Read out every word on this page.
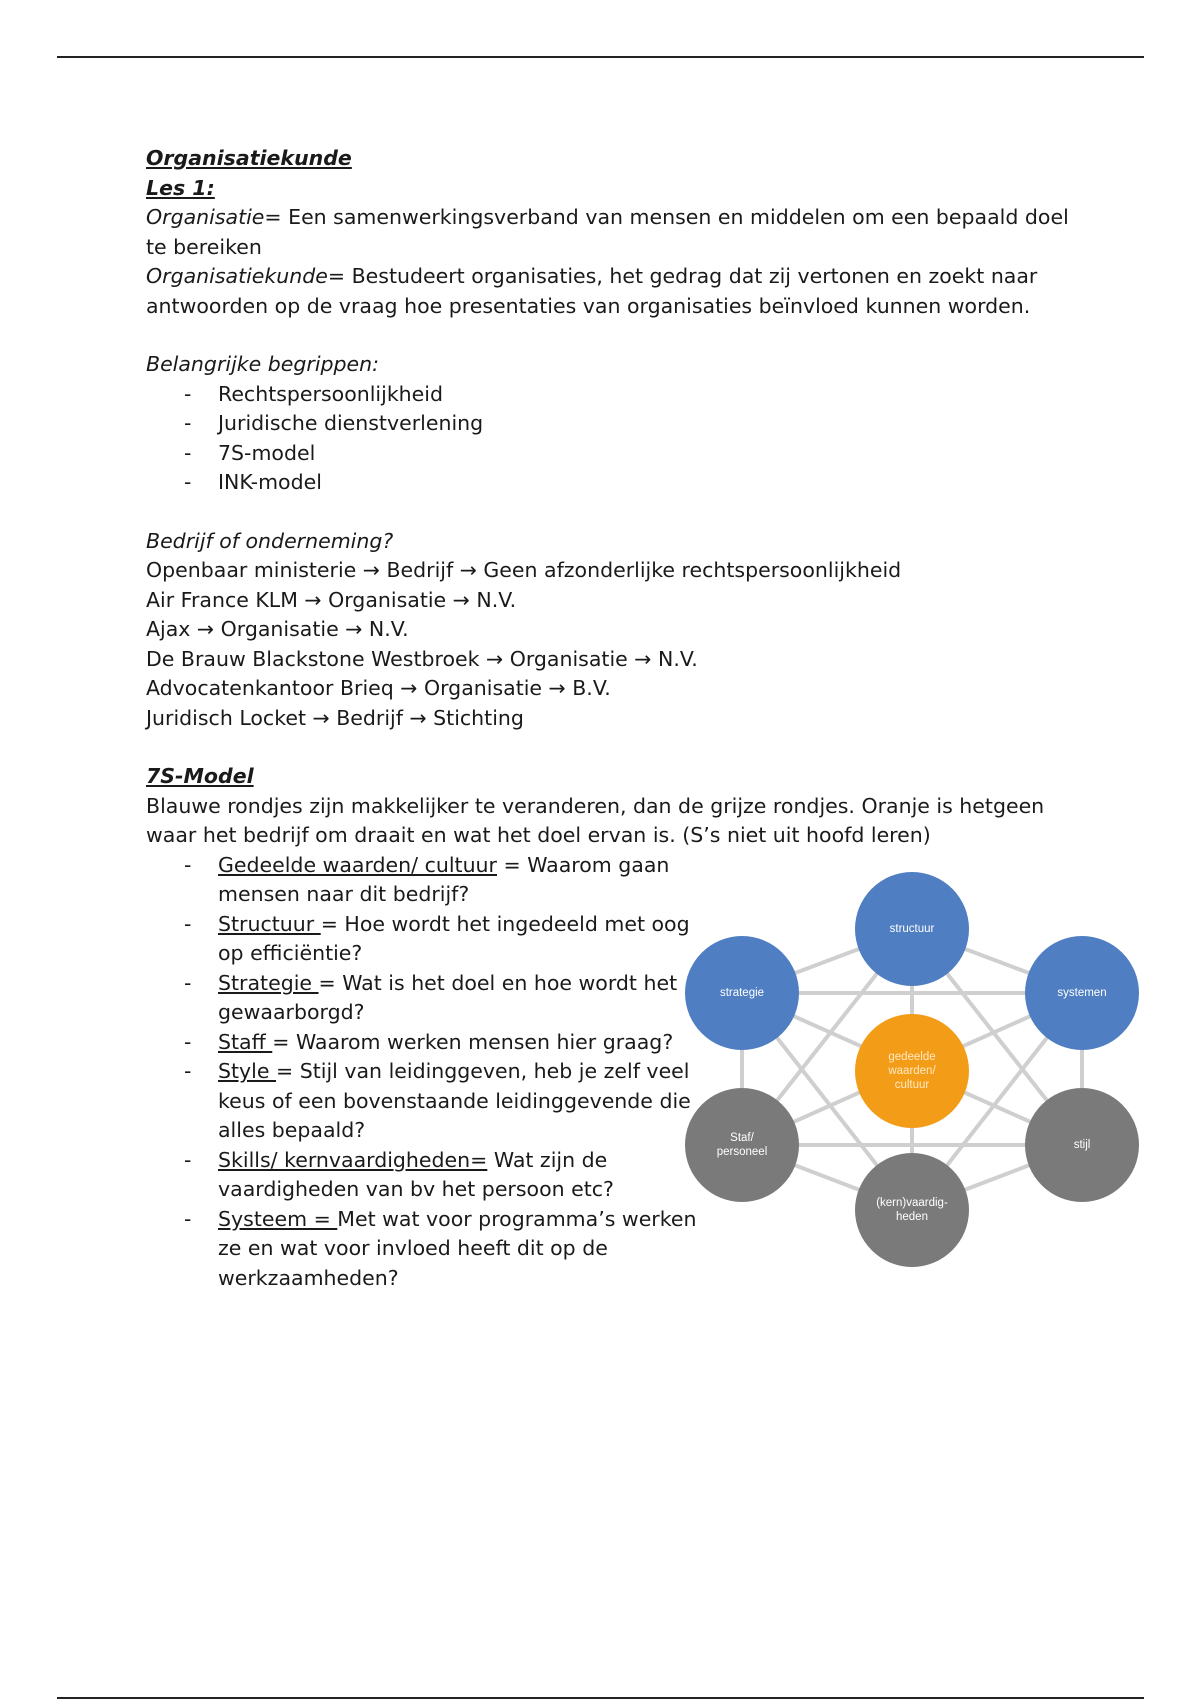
Organisatiekunde
Les 1:

Organisatie= Een samenwerkingsverband van mensen en middelen om een bepaald doel te bereiken

Organisatiekunde= Bestudeert organisaties, het gedrag dat zij vertonen en zoekt naar antwoorden op de vraag hoe presentaties van organisaties beïnvloed kunnen worden.

Belangrijke begrippen:
- Rechtspersoonlijkheid
- Juridische dienstverlening
- 7S-model
- INK-model
Bedrijf of onderneming?
Openbaar ministerie → Bedrijf → Geen afzonderlijke rechtspersoonlijkheid
Air France KLM → Organisatie → N.V.
Ajax → Organisatie → N.V.
De Brauw Blackstone Westbroek → Organisatie → N.V.
Advocatenkantoor Brieq → Organisatie → B.V.
Juridisch Locket → Bedrijf → Stichting
7S-Model

Blauwe rondjes zijn makkelijker te veranderen, dan de grijze rondjes. Oranje is hetgeen waar het bedrijf om draait en wat het doel ervan is. (S’s niet uit hoofd leren)

- Gedeelde waarden/ cultuur = Waarom gaan mensen naar dit bedrijf?
- Structuur = Hoe wordt het ingedeeld met oog op efficiëntie?
- Strategie = Wat is het doel en hoe wordt het gewaarborgd?
- Staff = Waarom werken mensen hier graag?
- Style = Stijl van leidinggeven, heb je zelf veel keus of een bovenstaande leidinggevende die alles bepaald?
- Skills/ kernvaardigheden= Wat zijn de vaardigheden van bv het persoon etc?
- Systeem = Met wat voor programma’s werken ze en wat voor invloed heeft dit op de werkzaamheden?
structuur
strategie	systemen
gedeelde waarden/ cultuur
Staf/ personeel
stijl
(kern)vaardig- heden
